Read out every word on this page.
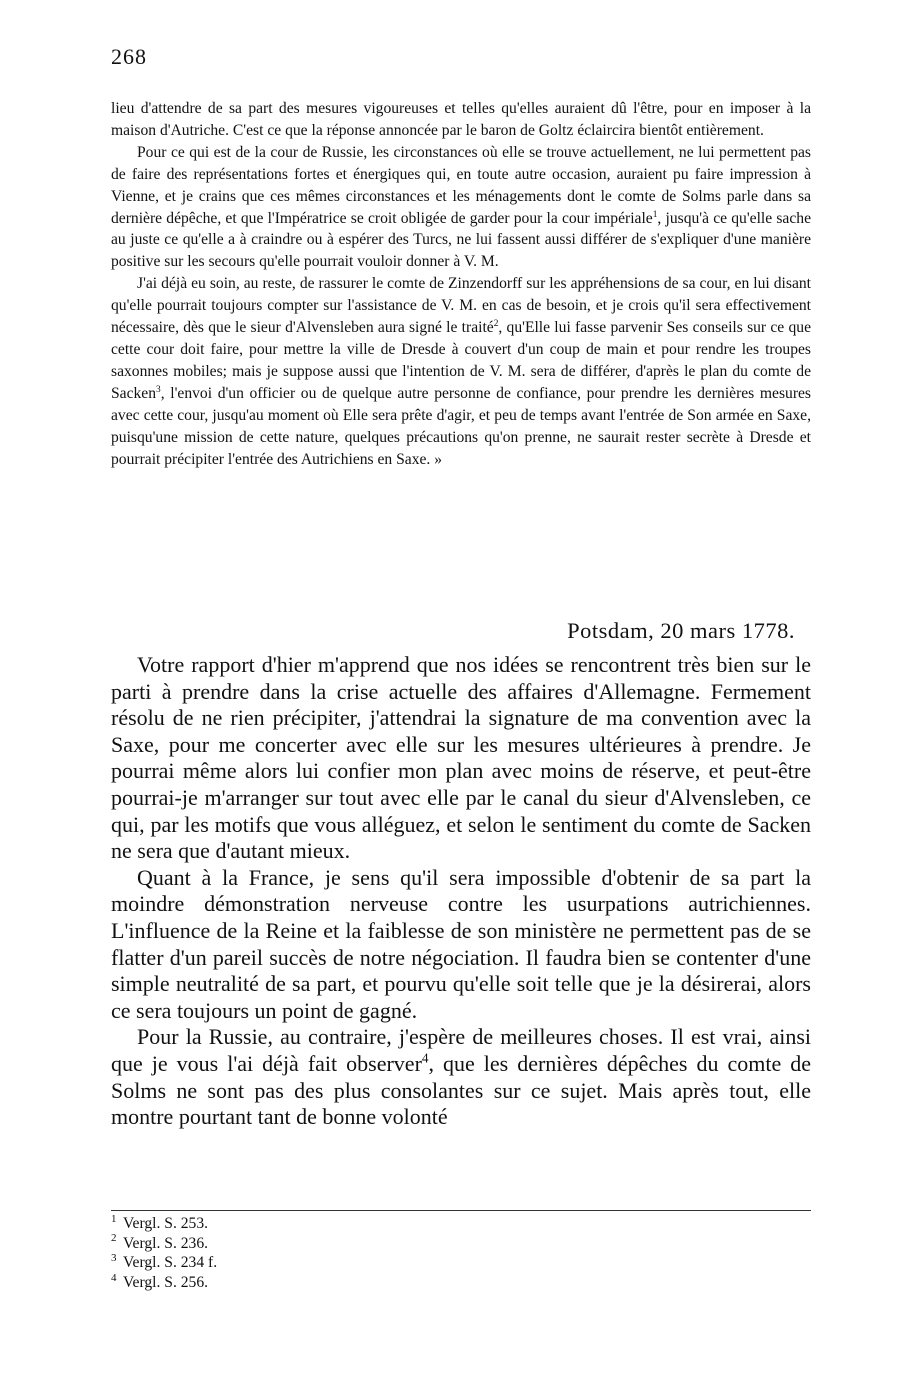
268

lieu d'attendre de sa part des mesures vigoureuses et telles qu'elles auraient dû l'être, pour en imposer à la maison d'Autriche. C'est ce que la réponse annoncée par le baron de Goltz éclaircira bientôt entièrement.

Pour ce qui est de la cour de Russie, les circonstances où elle se trouve actuellement, ne lui permettent pas de faire des représentations fortes et énergiques qui, en toute autre occasion, auraient pu faire impression à Vienne, et je crains que ces mêmes circonstances et les ménagements dont le comte de Solms parle dans sa dernière dépêche, et que l'Impératrice se croit obligée de garder pour la cour impériale$^1$, jusqu'à ce qu'elle sache au juste ce qu'elle a à craindre ou à espérer des Turcs, ne lui fassent aussi différer de s'expliquer d'une manière positive sur les secours qu'elle pourrait vouloir donner à V. M.

J'ai déjà eu soin, au reste, de rassurer le comte de Zinzendorff sur les appréhensions de sa cour, en lui disant qu'elle pourrait toujours compter sur l'assistance de V. M. en cas de besoin, et je crois qu'il sera effectivement nécessaire, dès que le sieur d'Alvensleben aura signé le traité$^2$, qu'Elle lui fasse parvenir Ses conseils sur ce que cette cour doit faire, pour mettre la ville de Dresde à couvert d'un coup de main et pour rendre les troupes saxonnes mobiles; mais je suppose aussi que l'intention de V. M. sera de différer, d'après le plan du comte de Sacken$^3$, l'envoi d'un officier ou de quelque autre personne de confiance, pour prendre les dernières mesures avec cette cour, jusqu'au moment où Elle sera prête d'agir, et peu de temps avant l'entrée de Son armée en Saxe, puisqu'une mission de cette nature, quelques précautions qu'on prenne, ne saurait rester secrète à Dresde et pourrait précipiter l'entrée des Autrichiens en Saxe. »

Potsdam, 20 mars 1778.

Votre rapport d'hier m'apprend que nos idées se rencontrent très bien sur le parti à prendre dans la crise actuelle des affaires d'Allemagne. Fermement résolu de ne rien précipiter, j'attendrai la signature de ma convention avec la Saxe, pour me concerter avec elle sur les mesures ultérieures à prendre. Je pourrai même alors lui confier mon plan avec moins de réserve, et peut-être pourrai-je m'arranger sur tout avec elle par le canal du sieur d'Alvensleben, ce qui, par les motifs que vous alléguez, et selon le sentiment du comte de Sacken ne sera que d'autant mieux.

Quant à la France, je sens qu'il sera impossible d'obtenir de sa part la moindre démonstration nerveuse contre les usurpations autrichiennes. L'influence de la Reine et la faiblesse de son ministère ne permettent pas de se flatter d'un pareil succès de notre négociation. Il faudra bien se contenter d'une simple neutralité de sa part, et pourvu qu'elle soit telle que je la désirerai, alors ce sera toujours un point de gagné.

Pour la Russie, au contraire, j'espère de meilleures choses. Il est vrai, ainsi que je vous l'ai déjà fait observer$^4$, que les dernières dépêches du comte de Solms ne sont pas des plus consolantes sur ce sujet. Mais après tout, elle montre pourtant tant de bonne volonté

1 Vergl. S. 253.
2 Vergl. S. 236.
3 Vergl. S. 234 f.
4 Vergl. S. 256.
